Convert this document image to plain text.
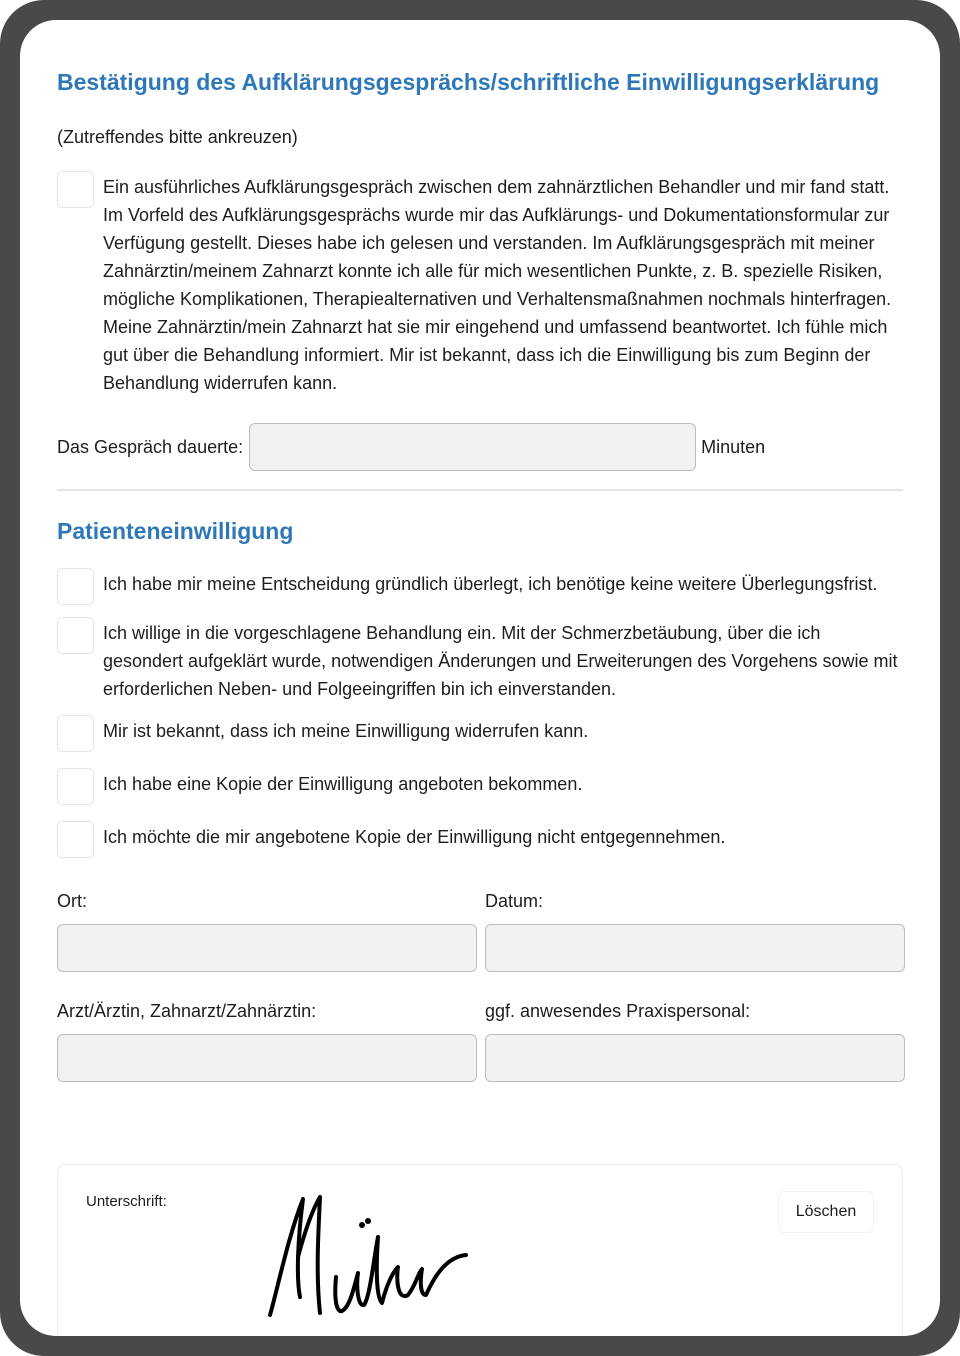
Bestätigung des Aufklärungsgesprächs/schriftliche Einwilligungserklärung

(Zutreffendes bitte ankreuzen)

Ein ausführliches Aufklärungsgespräch zwischen dem zahnärztlichen Behandler und mir fand statt. Im Vorfeld des Aufklärungsgesprächs wurde mir das Aufklärungs- und Dokumentationsformular zur Verfügung gestellt. Dieses habe ich gelesen und verstanden. Im Aufklärungsgespräch mit meiner Zahnärztin/meinem Zahnarzt konnte ich alle für mich wesentlichen Punkte, z. B. spezielle Risiken, mögliche Komplikationen, Therapiealternativen und Verhaltensmaßnahmen nochmals hinterfragen. Meine Zahnärztin/mein Zahnarzt hat sie mir eingehend und umfassend beantwortet. Ich fühle mich gut über die Behandlung informiert. Mir ist bekannt, dass ich die Einwilligung bis zum Beginn der Behandlung widerrufen kann.
Das Gespräch dauerte:	Minuten
Patienteneinwilligung
Ich habe mir meine Entscheidung gründlich überlegt, ich benötige keine weitere Überlegungsfrist.
Ich willige in die vorgeschlagene Behandlung ein. Mit der Schmerzbetäubung, über die ich gesondert aufgeklärt wurde, notwendigen Änderungen und Erweiterungen des Vorgehens sowie mit erforderlichen Neben- und Folgeeingriffen bin ich einverstanden.
Mir ist bekannt, dass ich meine Einwilligung widerrufen kann.
Ich habe eine Kopie der Einwilligung angeboten bekommen.
Ich möchte die mir angebotene Kopie der Einwilligung nicht entgegennehmen.
Ort:	Datum:
Arzt/Ärztin, Zahnarzt/Zahnärztin:	ggf. anwesendes Praxispersonal:
Unterschrift:
Löschen
